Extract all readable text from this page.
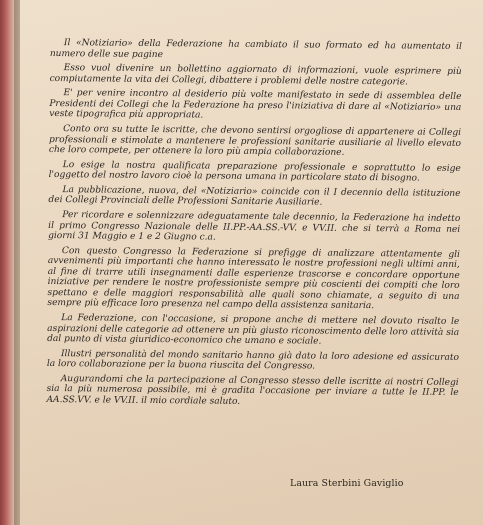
Il «Notiziario» della Federazione ha cambiato il suo formato ed ha aumentato il numero delle sue pagine

Esso vuol divenire un bollettino aggiornato di informazioni, vuole esprimere più compiutamente la vita dei Collegi, dibattere i problemi delle nostre categorie.

E' per venire incontro al desiderio più volte manifestato in sede di assemblea delle Presidenti dei Collegi che la Federazione ha preso l'iniziativa di dare al «Notiziario» una veste tipografica più appropriata.

Conto ora su tutte le iscritte, che devono sentirsi orgogliose di appartenere ai Collegi professionali e stimolate a mantenere le professioni sanitarie ausiliarie al livello elevato che loro compete, per ottenere la loro più ampia collaborazione.

Lo esige la nostra qualificata preparazione professionale e soprattutto lo esige l'oggetto del nostro lavoro cioè la persona umana in particolare stato di bisogno.

La pubblicazione, nuova, del «Notiziario» coincide con il I decennio della istituzione dei Collegi Provinciali delle Professioni Sanitarie Ausiliarie.

Per ricordare e solennizzare adeguatamente tale decennio, la Federazione ha indetto il primo Congresso Nazionale delle II.PP.-AA.SS.-VV. e VV.II. che si terrà a Roma nei giorni 31 Maggio e 1 e 2 Giugno c.a.

Con questo Congresso la Federazione si prefigge di analizzare attentamente gli avvenimenti più importanti che hanno interessato le nostre professioni negli ultimi anni, al fine di trarre utili insegnamenti dalle esperienze trascorse e concordare opportune iniziative per rendere le nostre professioniste sempre più coscienti dei compiti che loro spettano e delle maggiori responsabilità alle quali sono chiamate, a seguito di una sempre più efficace loro presenza nel campo della assistenza sanitaria.

La Federazione, con l'occasione, si propone anche di mettere nel dovuto risalto le aspirazioni delle categorie ad ottenere un più giusto riconoscimento delle loro attività sia dal punto di vista giuridico-economico che umano e sociale.

Illustri personalità del mondo sanitario hanno già dato la loro adesione ed assicurato la loro collaborazione per la buona riuscita del Congresso.

Augurandomi che la partecipazione al Congresso stesso delle iscritte ai nostri Collegi sia la più numerosa possibile, mi è gradita l'occasione per inviare a tutte le II.PP. le AA.SS.VV. e le VV.II. il mio cordiale saluto.

Laura Sterbini Gaviglio
